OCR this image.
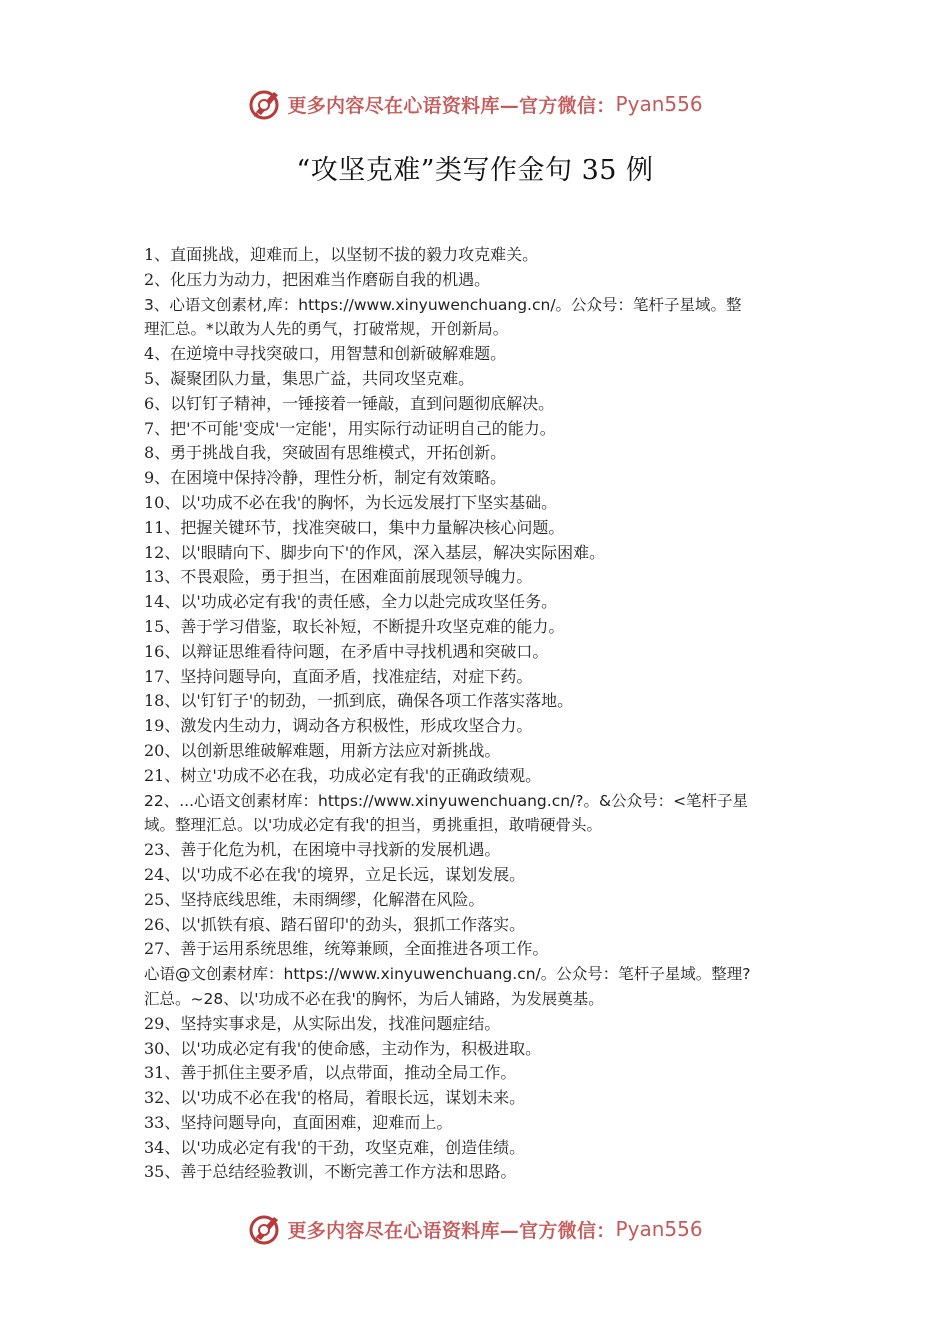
更多内容尽在心语资料库—官方微信： Pyan556
“攻坚克难”类写作金句 35 例
1、直面挑战，迎难而上，以坚韧不拔的毅力攻克难关。
2、化压力为动力，把困难当作磨砺自我的机遇。
3、心语文创素材,库：https://www.xinyuwenchuang.cn/。公众号：笔杆子星域。整
理汇总。*以敢为人先的勇气，打破常规，开创新局。
4、在逆境中寻找突破口，用智慧和创新破解难题。
5、凝聚团队力量，集思广益，共同攻坚克难。
6、以钉钉子精神，一锤接着一锤敲，直到问题彻底解决。
7、把'不可能'变成'一定能'，用实际行动证明自己的能力。
8、勇于挑战自我，突破固有思维模式，开拓创新。
9、在困境中保持冷静，理性分析，制定有效策略。
10、以'功成不必在我'的胸怀，为长远发展打下坚实基础。
11、把握关键环节，找准突破口，集中力量解决核心问题。
12、以'眼睛向下、脚步向下'的作风，深入基层，解决实际困难。
13、不畏艰险，勇于担当，在困难面前展现领导魄力。
14、以'功成必定有我'的责任感，全力以赴完成攻坚任务。
15、善于学习借鉴，取长补短，不断提升攻坚克难的能力。
16、以辩证思维看待问题，在矛盾中寻找机遇和突破口。
17、坚持问题导向，直面矛盾，找准症结，对症下药。
18、以'钉钉子'的韧劲，一抓到底，确保各项工作落实落地。
19、激发内生动力，调动各方积极性，形成攻坚合力。
20、以创新思维破解难题，用新方法应对新挑战。
21、树立'功成不必在我，功成必定有我'的正确政绩观。
22、...心语文创素材库：https://www.xinyuwenchuang.cn/?。&公众号：<笔杆子星
域。整理汇总。以'功成必定有我'的担当，勇挑重担，敢啃硬骨头。
23、善于化危为机，在困境中寻找新的发展机遇。
24、以'功成不必在我'的境界，立足长远，谋划发展。
25、坚持底线思维，未雨绸缪，化解潜在风险。
26、以'抓铁有痕、踏石留印'的劲头，狠抓工作落实。
27、善于运用系统思维，统筹兼顾，全面推进各项工作。
心语@文创素材库：https://www.xinyuwenchuang.cn/。公众号：笔杆子星域。整理?
汇总。~28、以'功成不必在我'的胸怀，为后人铺路，为发展奠基。
29、坚持实事求是，从实际出发，找准问题症结。
30、以'功成必定有我'的使命感，主动作为，积极进取。
31、善于抓住主要矛盾，以点带面，推动全局工作。
32、以'功成不必在我'的格局，着眼长远，谋划未来。
33、坚持问题导向，直面困难，迎难而上。
34、以'功成必定有我'的干劲，攻坚克难，创造佳绩。
35、善于总结经验教训，不断完善工作方法和思路。
更多内容尽在心语资料库—官方微信： Pyan556
